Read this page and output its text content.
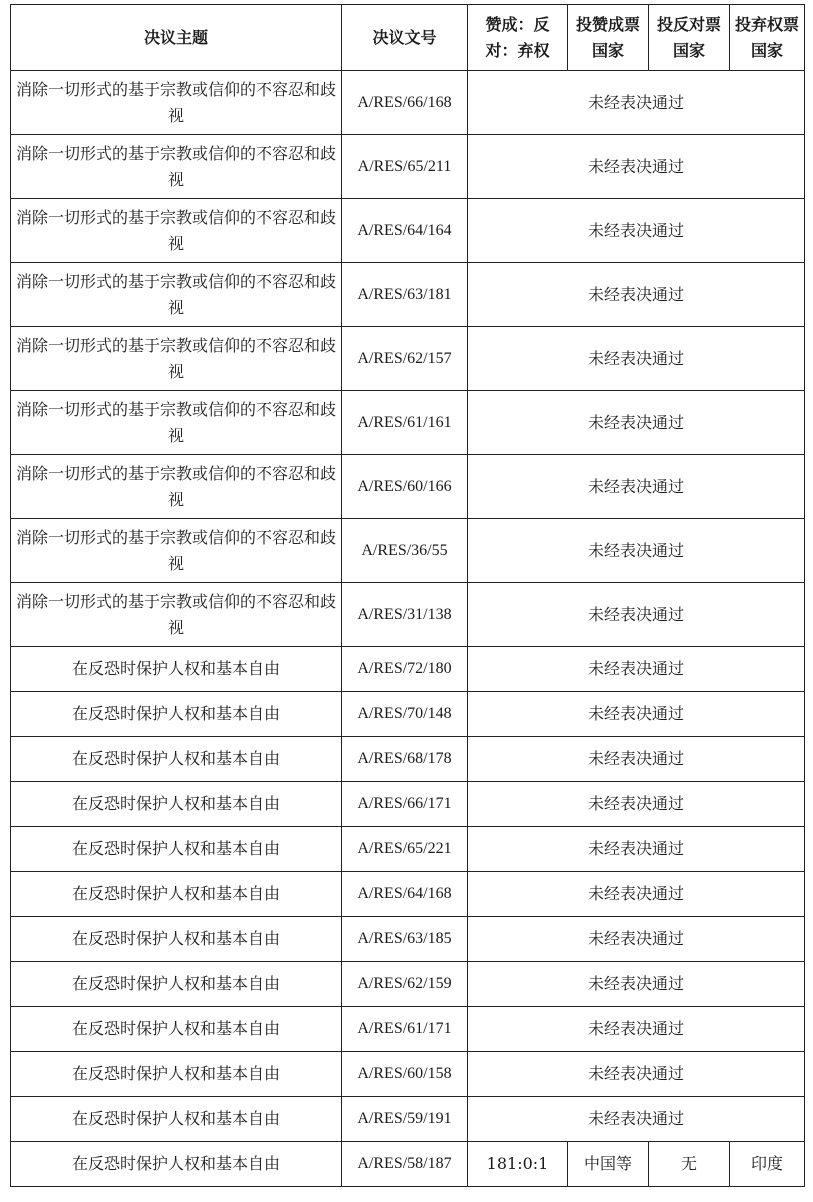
决议主题	决议文号	赞成：反对：弃权	投赞成票国家	投反对票国家	投弃权票国家
消除一切形式的基于宗教或信仰的不容忍和歧视	A/RES/66/168	未经表决通过			
消除一切形式的基于宗教或信仰的不容忍和歧视	A/RES/65/211	未经表决通过			
消除一切形式的基于宗教或信仰的不容忍和歧视	A/RES/64/164	未经表决通过			
消除一切形式的基于宗教或信仰的不容忍和歧视	A/RES/63/181	未经表决通过			
消除一切形式的基于宗教或信仰的不容忍和歧视	A/RES/62/157	未经表决通过			
消除一切形式的基于宗教或信仰的不容忍和歧视	A/RES/61/161	未经表决通过			
消除一切形式的基于宗教或信仰的不容忍和歧视	A/RES/60/166	未经表决通过			
消除一切形式的基于宗教或信仰的不容忍和歧视	A/RES/36/55	未经表决通过			
消除一切形式的基于宗教或信仰的不容忍和歧视	A/RES/31/138	未经表决通过			
在反恐时保护人权和基本自由	A/RES/72/180	未经表决通过			
在反恐时保护人权和基本自由	A/RES/70/148	未经表决通过			
在反恐时保护人权和基本自由	A/RES/68/178	未经表决通过			
在反恐时保护人权和基本自由	A/RES/66/171	未经表决通过			
在反恐时保护人权和基本自由	A/RES/65/221	未经表决通过			
在反恐时保护人权和基本自由	A/RES/64/168	未经表决通过			
在反恐时保护人权和基本自由	A/RES/63/185	未经表决通过			
在反恐时保护人权和基本自由	A/RES/62/159	未经表决通过			
在反恐时保护人权和基本自由	A/RES/61/171	未经表决通过			
在反恐时保护人权和基本自由	A/RES/60/158	未经表决通过			
在反恐时保护人权和基本自由	A/RES/59/191	未经表决通过			
在反恐时保护人权和基本自由	A/RES/58/187	181:0:1	中国等	无	印度
